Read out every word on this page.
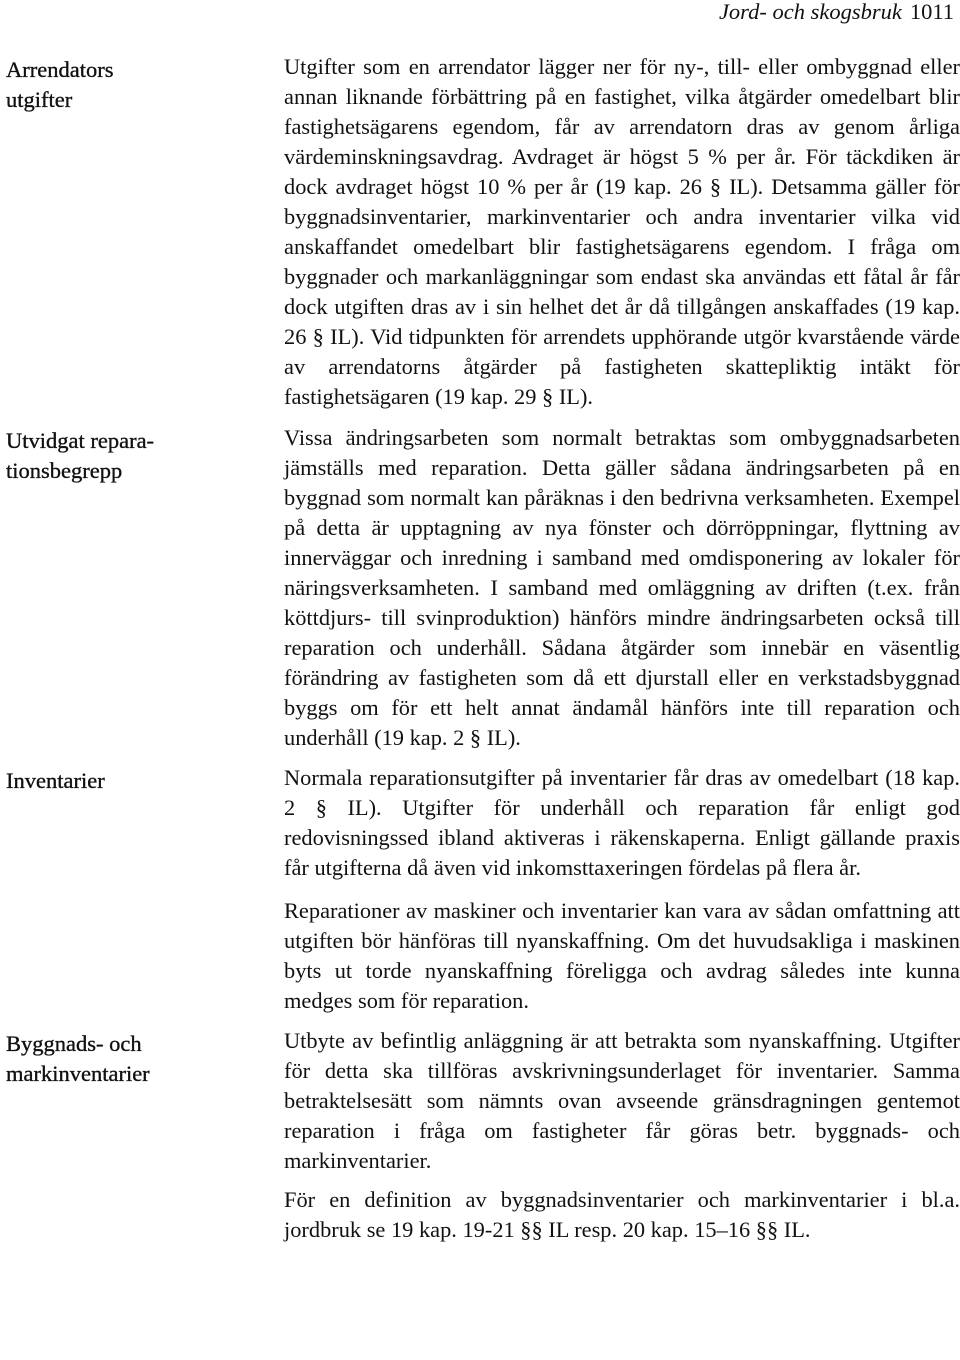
Jord- och skogsbruk 1011
Arrendators
utgifter

Utgifter som en arrendator lägger ner för ny-, till- eller ombyggnad eller annan liknande förbättring på en fastighet, vilka åtgärder omedelbart blir fastighetsägarens egendom, får av arrendatorn dras av genom årliga värdeminskningsavdrag. Avdraget är högst 5 % per år. För täckdiken är dock avdraget högst 10 % per år (19 kap. 26 § IL). Detsamma gäller för byggnadsinventarier, markinventarier och andra inventarier vilka vid anskaffandet omedelbart blir fastighetsägarens egendom. I fråga om byggnader och markanläggningar som endast ska användas ett fåtal år får dock utgiften dras av i sin helhet det år då tillgången anskaffades (19 kap. 26 § IL). Vid tidpunkten för arrendets upphörande utgör kvarstående värde av arrendatorns åtgärder på fastigheten skattepliktig intäkt för fastighetsägaren (19 kap. 29 § IL).

Utvidgat repara-
tionsbegrepp

Vissa ändringsarbeten som normalt betraktas som ombyggnadsarbeten jämställs med reparation. Detta gäller sådana ändringsarbeten på en byggnad som normalt kan påräknas i den bedrivna verksamheten. Exempel på detta är upptagning av nya fönster och dörröppningar, flyttning av innerväggar och inredning i samband med omdisponering av lokaler för näringsverksamheten. I samband med omläggning av driften (t.ex. från köttdjurs- till svinproduktion) hänförs mindre ändringsarbeten också till reparation och underhåll. Sådana åtgärder som innebär en väsentlig förändring av fastigheten som då ett djurstall eller en verkstadsbyggnad byggs om för ett helt annat ändamål hänförs inte till reparation och underhåll (19 kap. 2 § IL).

Inventarier	Normala reparationsutgifter på inventarier får dras av omedelbart (18 kap. 2 § IL). Utgifter för underhåll och reparation får enligt god redovisningssed ibland aktiveras i räkenskaperna. Enligt gällande praxis får utgifterna då även vid inkomsttaxeringen fördelas på flera år.

Reparationer av maskiner och inventarier kan vara av sådan omfattning att utgiften bör hänföras till nyanskaffning. Om det huvudsakliga i maskinen byts ut torde nyanskaffning föreligga och avdrag således inte kunna medges som för reparation.

Byggnads- och
markinventarier

Utbyte av befintlig anläggning är att betrakta som nyanskaffning. Utgifter för detta ska tillföras avskrivningsunderlaget för inventarier. Samma betraktelsesätt som nämnts ovan avseende gränsdragningen gentemot reparation i fråga om fastigheter får göras betr. byggnads- och markinventarier.

För en definition av byggnadsinventarier och markinventarier i bl.a. jordbruk se 19 kap. 19-21 §§ IL resp. 20 kap. 15–16 §§ IL.
